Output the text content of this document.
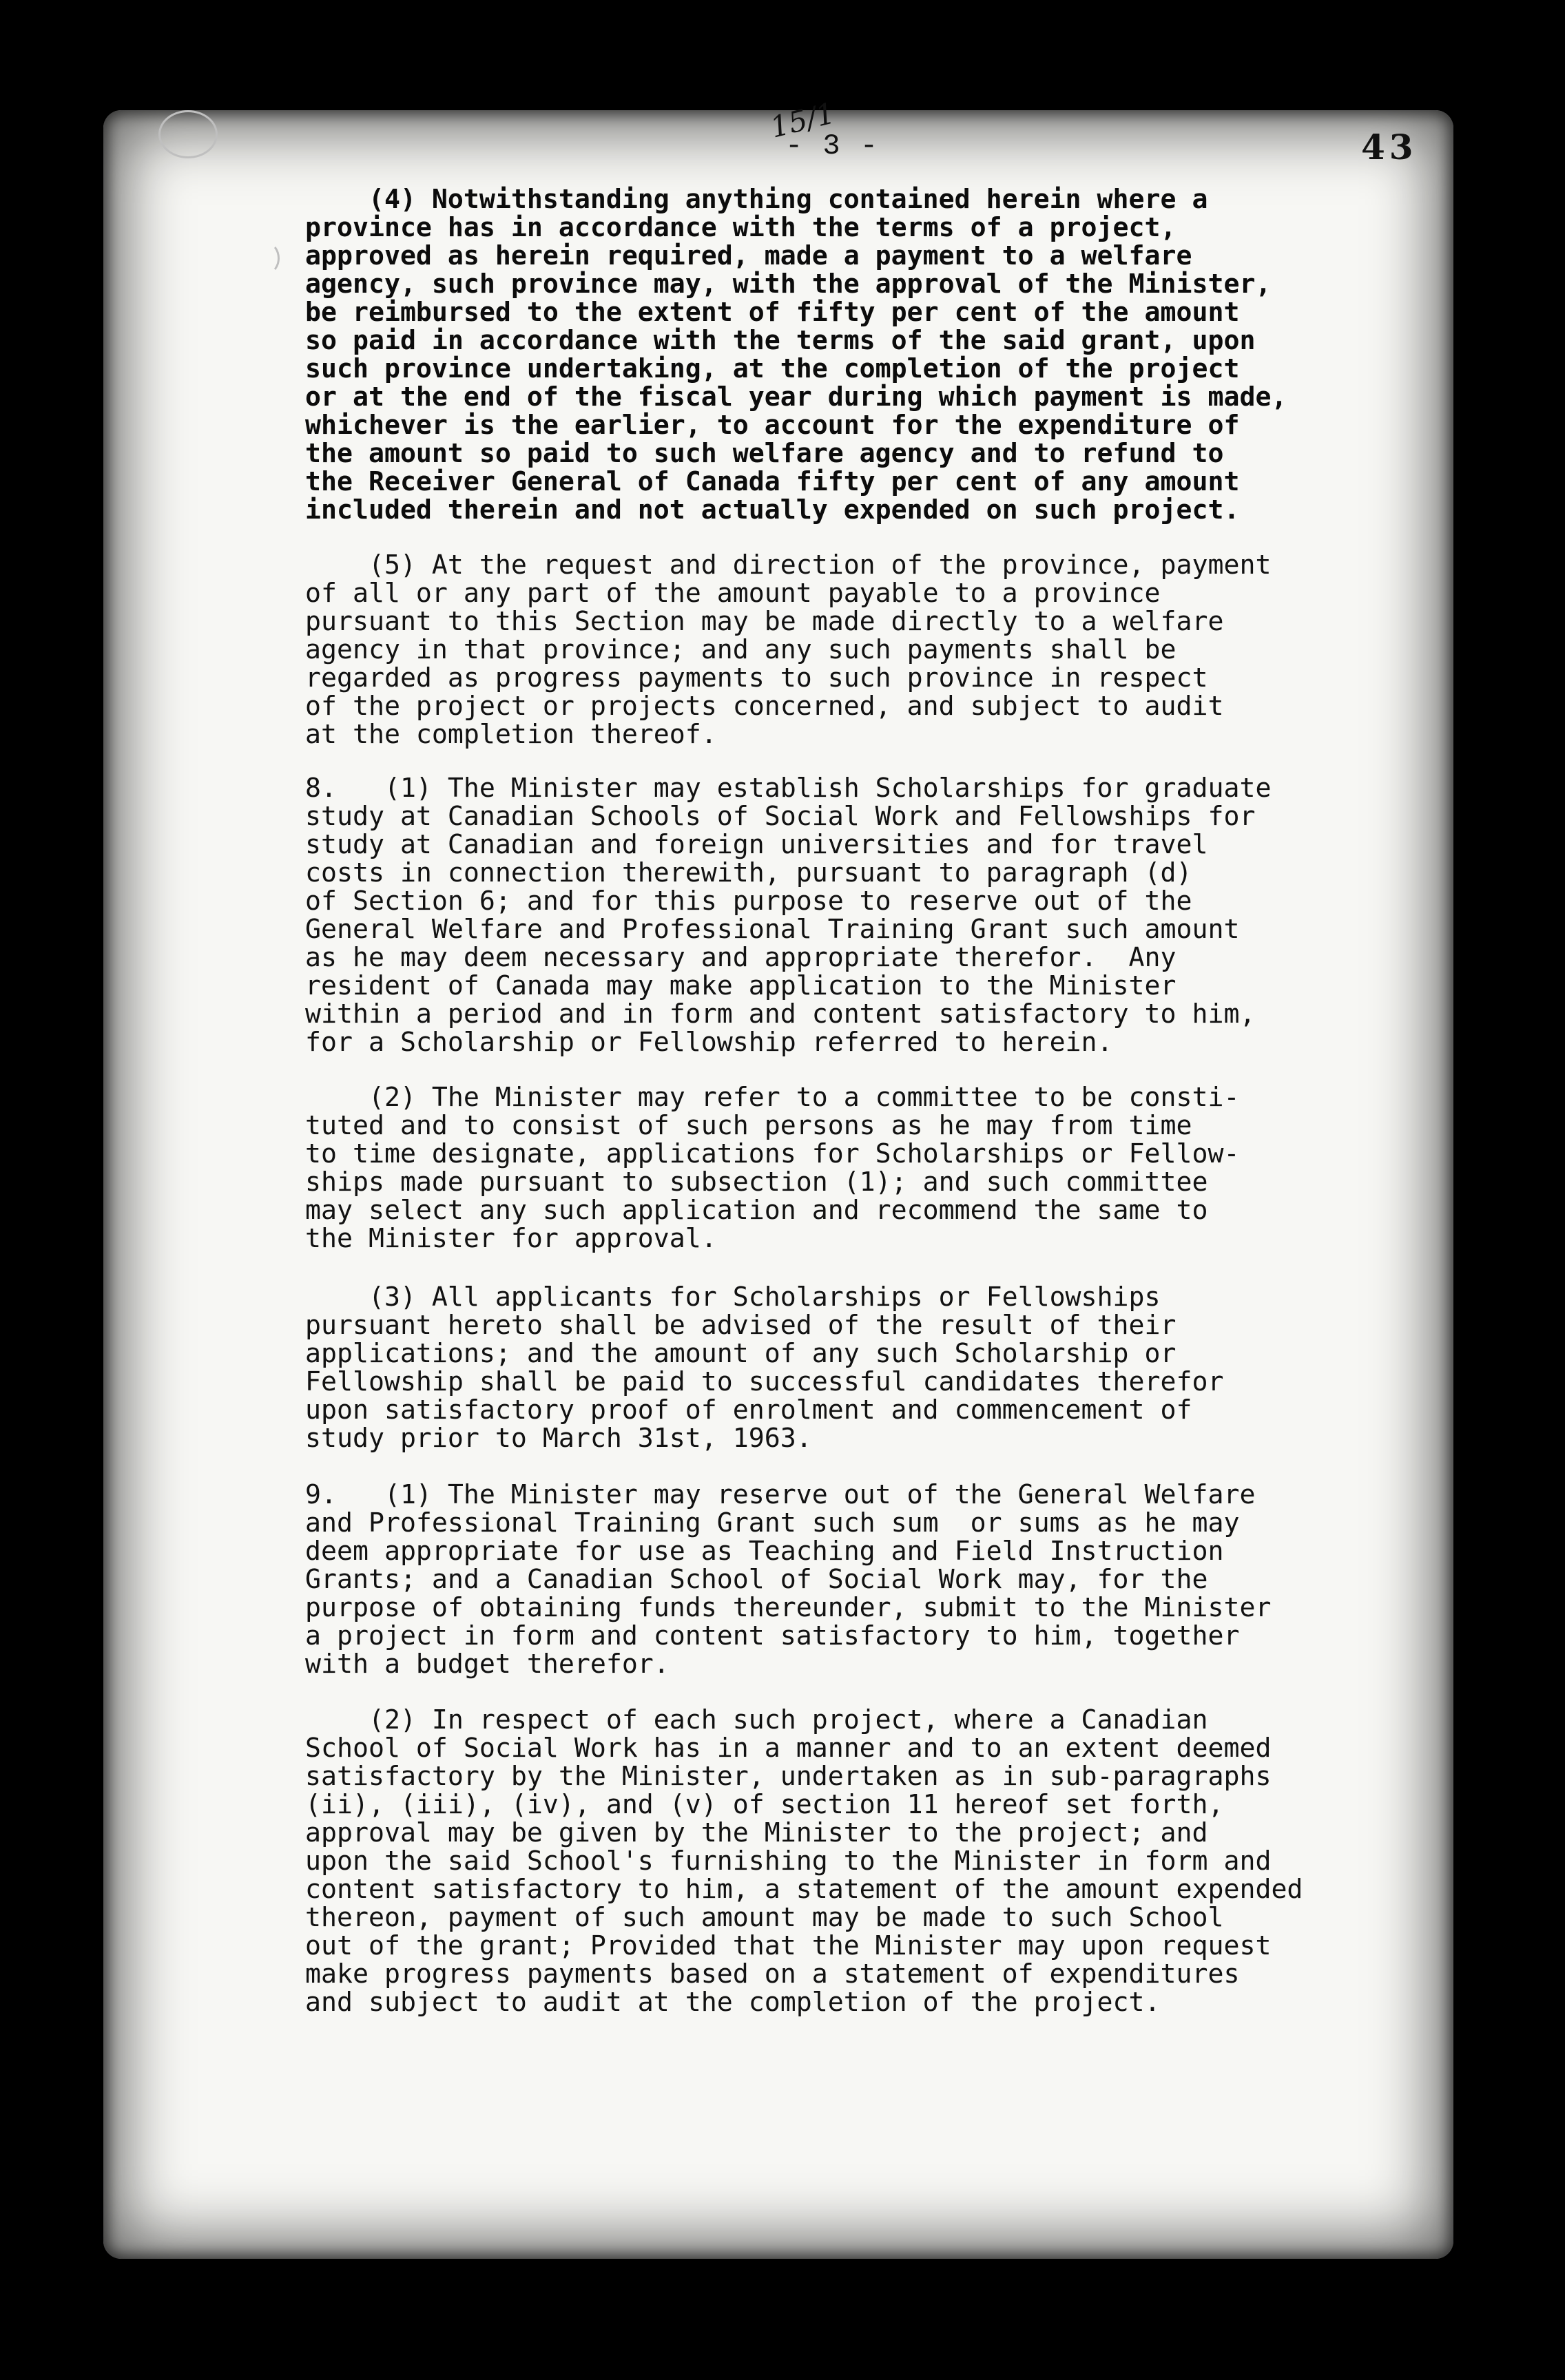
15/1
- 3 -	43
(4) Notwithstanding anything contained herein where a
province has in accordance with the terms of a project,
approved as herein required, made a payment to a welfare
agency, such province may, with the approval of the Minister,
be reimbursed to the extent of fifty per cent of the amount
so paid in accordance with the terms of the said grant, upon
such province undertaking, at the completion of the project
or at the end of the fiscal year during which payment is made,
whichever is the earlier, to account for the expenditure of
the amount so paid to such welfare agency and to refund to
the Receiver General of Canada fifty per cent of any amount
included therein and not actually expended on such project.
(5) At the request and direction of the province, payment
of all or any part of the amount payable to a province
pursuant to this Section may be made directly to a welfare
agency in that province; and any such payments shall be
regarded as progress payments to such province in respect
of the project or projects concerned, and subject to audit
at the completion thereof.
8.   (1) The Minister may establish Scholarships for graduate
study at Canadian Schools of Social Work and Fellowships for
study at Canadian and foreign universities and for travel
costs in connection therewith, pursuant to paragraph (d)
of Section 6; and for this purpose to reserve out of the
General Welfare and Professional Training Grant such amount
as he may deem necessary and appropriate therefor.  Any
resident of Canada may make application to the Minister
within a period and in form and content satisfactory to him,
for a Scholarship or Fellowship referred to herein.
(2) The Minister may refer to a committee to be consti-
tuted and to consist of such persons as he may from time
to time designate, applications for Scholarships or Fellow-
ships made pursuant to subsection (1); and such committee
may select any such application and recommend the same to
the Minister for approval.
(3) All applicants for Scholarships or Fellowships
pursuant hereto shall be advised of the result of their
applications; and the amount of any such Scholarship or
Fellowship shall be paid to successful candidates therefor
upon satisfactory proof of enrolment and commencement of
study prior to March 31st, 1963.
9.   (1) The Minister may reserve out of the General Welfare
and Professional Training Grant such sum  or sums as he may
deem appropriate for use as Teaching and Field Instruction
Grants; and a Canadian School of Social Work may, for the
purpose of obtaining funds thereunder, submit to the Minister
a project in form and content satisfactory to him, together
with a budget therefor.
(2) In respect of each such project, where a Canadian
School of Social Work has in a manner and to an extent deemed
satisfactory by the Minister, undertaken as in sub-paragraphs
(ii), (iii), (iv), and (v) of section 11 hereof set forth,
approval may be given by the Minister to the project; and
upon the said School's furnishing to the Minister in form and
content satisfactory to him, a statement of the amount expended
thereon, payment of such amount may be made to such School
out of the grant; Provided that the Minister may upon request
make progress payments based on a statement of expenditures
and subject to audit at the completion of the project.
